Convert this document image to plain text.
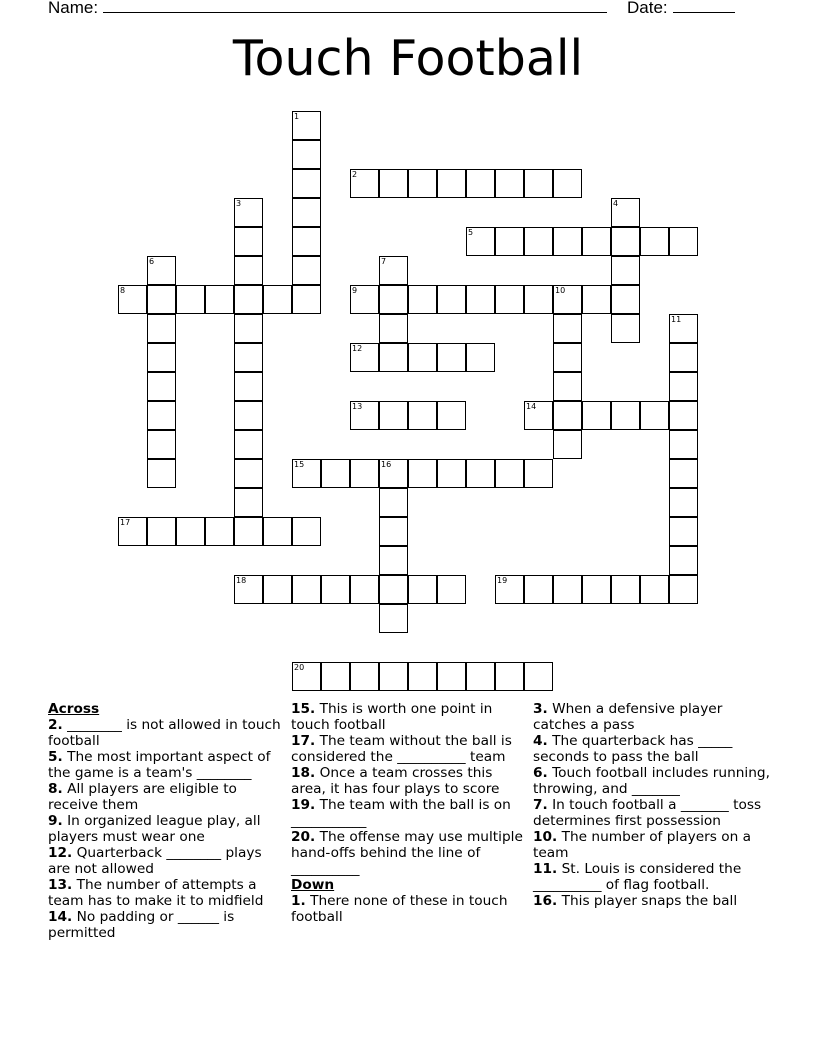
Name:	Date:
Touch Football
1
2
3	4
5
6	7
8	9	10
11
12
13	14
15	16
17
18	19
20
Across
2. ________ is not allowed in touch football
5. The most important aspect of the game is a team's ________
8. All players are eligible to receive them
9. In organized league play, all players must wear one
12. Quarterback ________ plays are not allowed
13. The number of attempts a team has to make it to midfield
14. No padding or ______ is permitted
15. This is worth one point in touch football
17. The team without the ball is considered the __________ team
18. Once a team crosses this area, it has four plays to score
19. The team with the ball is on ___________
20. The offense may use multiple hand-offs behind the line of __________
Down
1. There none of these in touch football
3. When a defensive player catches a pass
4. The quarterback has _____ seconds to pass the ball
6. Touch football includes running, throwing, and _______
7. In touch football a _______ toss determines first possession
10. The number of players on a team
11. St. Louis is considered the __________ of flag football.
16. This player snaps the ball
